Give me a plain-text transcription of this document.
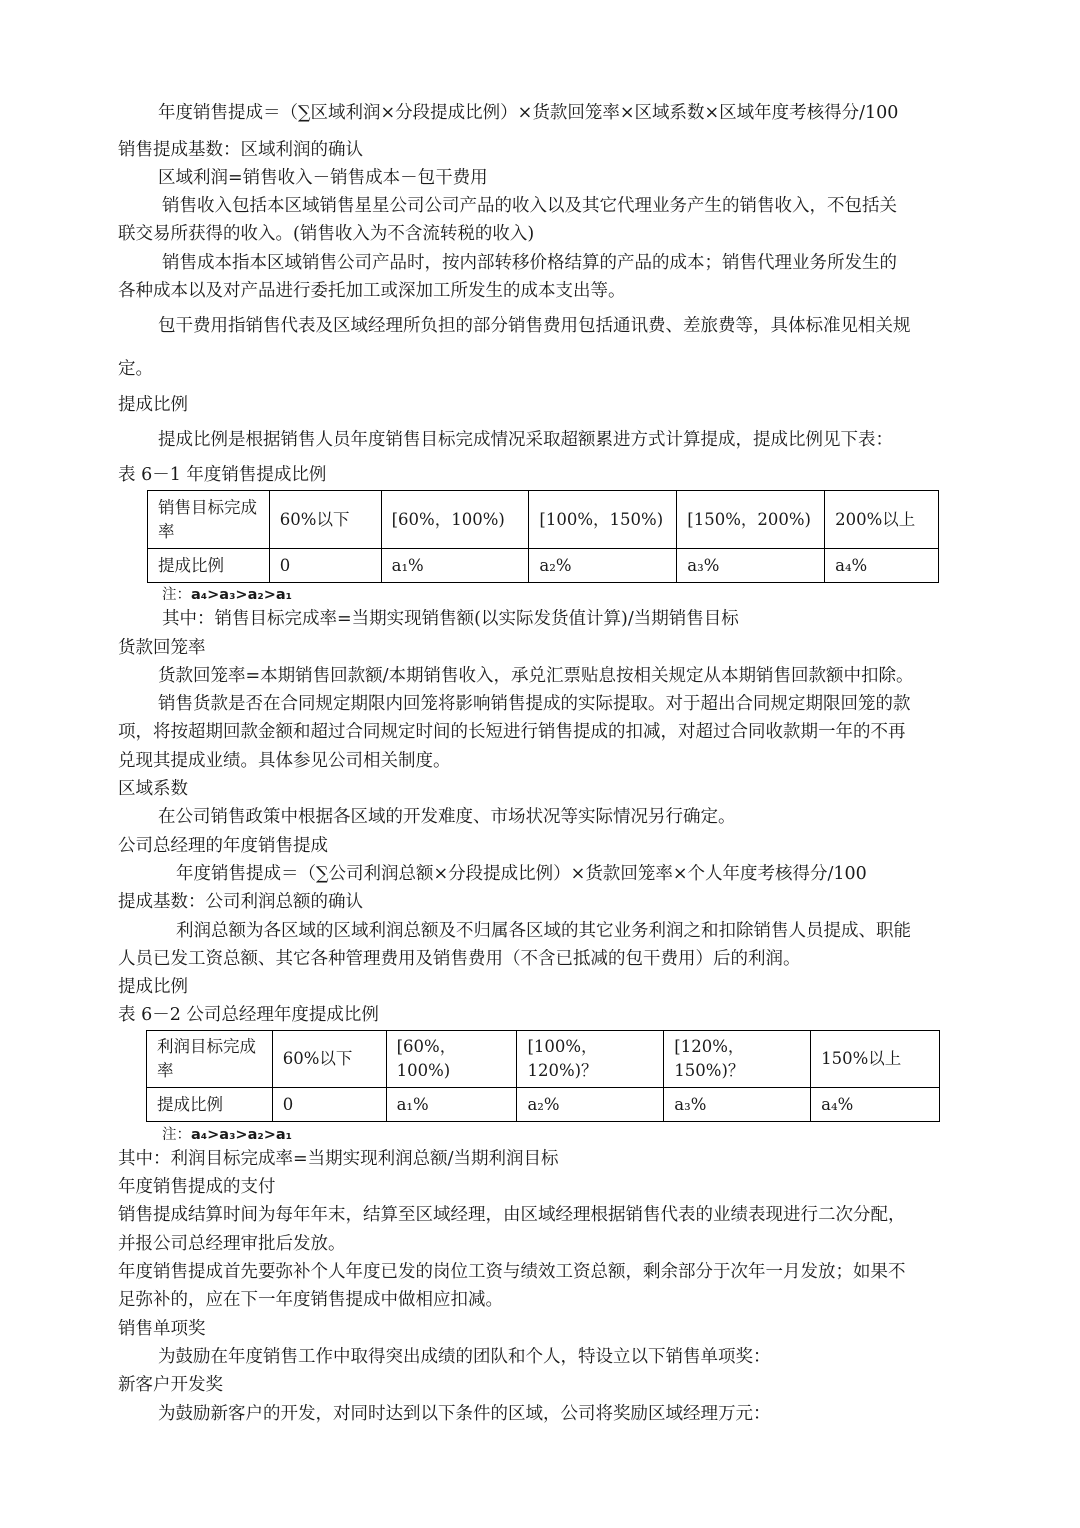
年度销售提成＝（∑区域利润×分段提成比例）×货款回笼率×区域系数×区域年度考核得分/100
销售提成基数：区域利润的确认
区域利润=销售收入－销售成本－包干费用
销售收入包括本区域销售星星公司公司产品的收入以及其它代理业务产生的销售收入，不包括关
联交易所获得的收入。(销售收入为不含流转税的收入)
销售成本指本区域销售公司产品时，按内部转移价格结算的产品的成本；销售代理业务所发生的
各种成本以及对产品进行委托加工或深加工所发生的成本支出等。
包干费用指销售代表及区域经理所负担的部分销售费用包括通讯费、差旅费等，具体标准见相关规
定。
提成比例
提成比例是根据销售人员年度销售目标完成情况采取超额累进方式计算提成，提成比例见下表：
表 6－1 年度销售提成比例
销售目标完成率	60%以下	[60%，100%)	[100%，150%)	[150%，200%)	200%以上
提成比例	0	a₁%	a₂%	a₃%	a₄%
注：a₄>a₃>a₂>a₁
其中：销售目标完成率=当期实现销售额(以实际发货值计算)/当期销售目标
货款回笼率
货款回笼率=本期销售回款额/本期销售收入，承兑汇票贴息按相关规定从本期销售回款额中扣除。
销售货款是否在合同规定期限内回笼将影响销售提成的实际提取。对于超出合同规定期限回笼的款
项，将按超期回款金额和超过合同规定时间的长短进行销售提成的扣减，对超过合同收款期一年的不再
兑现其提成业绩。具体参见公司相关制度。
区域系数
在公司销售政策中根据各区域的开发难度、市场状况等实际情况另行确定。
公司总经理的年度销售提成
年度销售提成＝（∑公司利润总额×分段提成比例）×货款回笼率×个人年度考核得分/100
提成基数：公司利润总额的确认
利润总额为各区域的区域利润总额及不归属各区域的其它业务利润之和扣除销售人员提成、职能
人员已发工资总额、其它各种管理费用及销售费用（不含已抵减的包干费用）后的利润。
提成比例
表 6－2 公司总经理年度提成比例
利润目标完成率	60%以下	[60%，100%)	[100%，120%)？	[120%，150%)？	150%以上
提成比例	0	a₁%	a₂%	a₃%	a₄%
注：a₄>a₃>a₂>a₁
其中：利润目标完成率=当期实现利润总额/当期利润目标
年度销售提成的支付
销售提成结算时间为每年年末，结算至区域经理，由区域经理根据销售代表的业绩表现进行二次分配，
并报公司总经理审批后发放。
年度销售提成首先要弥补个人年度已发的岗位工资与绩效工资总额，剩余部分于次年一月发放；如果不
足弥补的，应在下一年度销售提成中做相应扣减。
销售单项奖
为鼓励在年度销售工作中取得突出成绩的团队和个人，特设立以下销售单项奖：
新客户开发奖
为鼓励新客户的开发，对同时达到以下条件的区域，公司将奖励区域经理万元：
